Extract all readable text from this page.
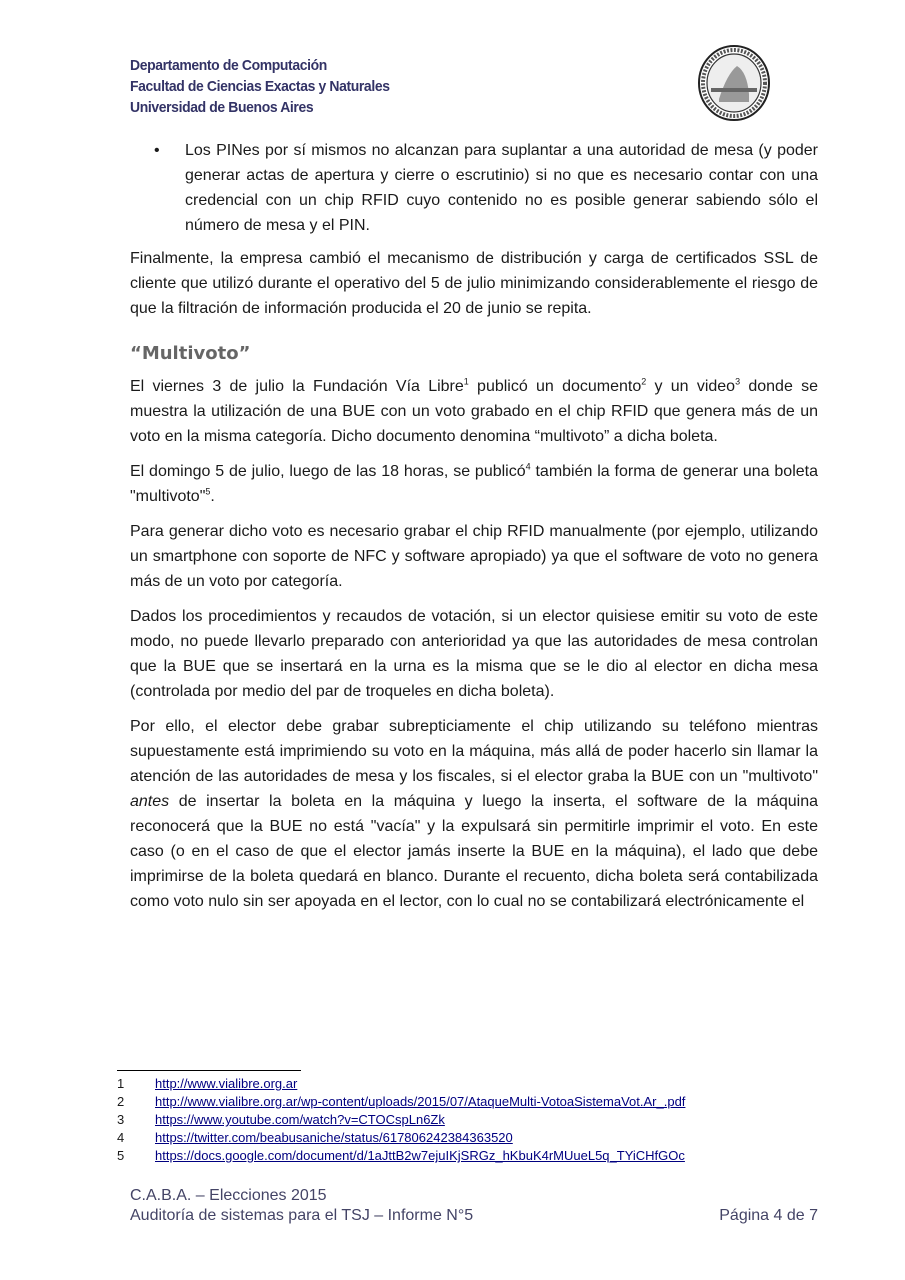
Departamento de Computación
Facultad de Ciencias Exactas y Naturales
Universidad de Buenos Aires
•	Los PINes por sí mismos no alcanzan para suplantar a una autoridad de mesa (y poder generar actas de apertura y cierre o escrutinio) si no que es necesario contar con una credencial con un chip RFID cuyo contenido no es posible generar sabiendo sólo el número de mesa y el PIN.

Finalmente, la empresa cambió el mecanismo de distribución y carga de certificados SSL de cliente que utilizó durante el operativo del 5 de julio minimizando considerablemente el riesgo de que la filtración de información producida el 20 de junio se repita.

“Multivoto”

El viernes 3 de julio la Fundación Vía Libre$^1$ publicó un documento$^2$ y un video$^3$ donde se muestra la utilización de una BUE con un voto grabado en el chip RFID que genera más de un voto en la misma categoría. Dicho documento denomina “multivoto” a dicha boleta.

El domingo 5 de julio, luego de las 18 horas, se publicó$^4$ también la forma de generar una boleta "multivoto"$^5$.

Para generar dicho voto es necesario grabar el chip RFID manualmente (por ejemplo, utilizando un smartphone con soporte de NFC y software apropiado) ya que el software de voto no genera más de un voto por categoría.

Dados los procedimientos y recaudos de votación, si un elector quisiese emitir su voto de este modo, no puede llevarlo preparado con anterioridad ya que las autoridades de mesa controlan que la BUE que se insertará en la urna es la misma que se le dio al elector en dicha mesa (controlada por medio del par de troqueles en dicha boleta).

Por ello, el elector debe grabar subrepticiamente el chip utilizando su teléfono mientras supuestamente está imprimiendo su voto en la máquina, más allá de poder hacerlo sin llamar la atención de las autoridades de mesa y los fiscales, si el elector graba la BUE con un "multivoto" antes de insertar la boleta en la máquina y luego la inserta, el software de la máquina reconocerá que la BUE no está "vacía" y la expulsará sin permitirle imprimir el voto. En este caso (o en el caso de que el elector jamás inserte la BUE en la máquina), el lado que debe imprimirse de la boleta quedará en blanco. Durante el recuento, dicha boleta será contabilizada como voto nulo sin ser apoyada en el lector, con lo cual no se contabilizará electrónicamente el

1	http://www.vialibre.org.ar
2	http://www.vialibre.org.ar/wp-content/uploads/2015/07/AtaqueMulti-VotoaSistemaVot.Ar_.pdf
3	https://www.youtube.com/watch?v=CTOCspLn6Zk
4	https://twitter.com/beabusaniche/status/617806242384363520
5	https://docs.google.com/document/d/1aJttB2w7ejuIKjSRGz_hKbuK4rMUueL5q_TYiCHfGOc
C.A.B.A. – Elecciones 2015
Auditoría de sistemas para el TSJ – Informe N°5	Página 4 de 7
